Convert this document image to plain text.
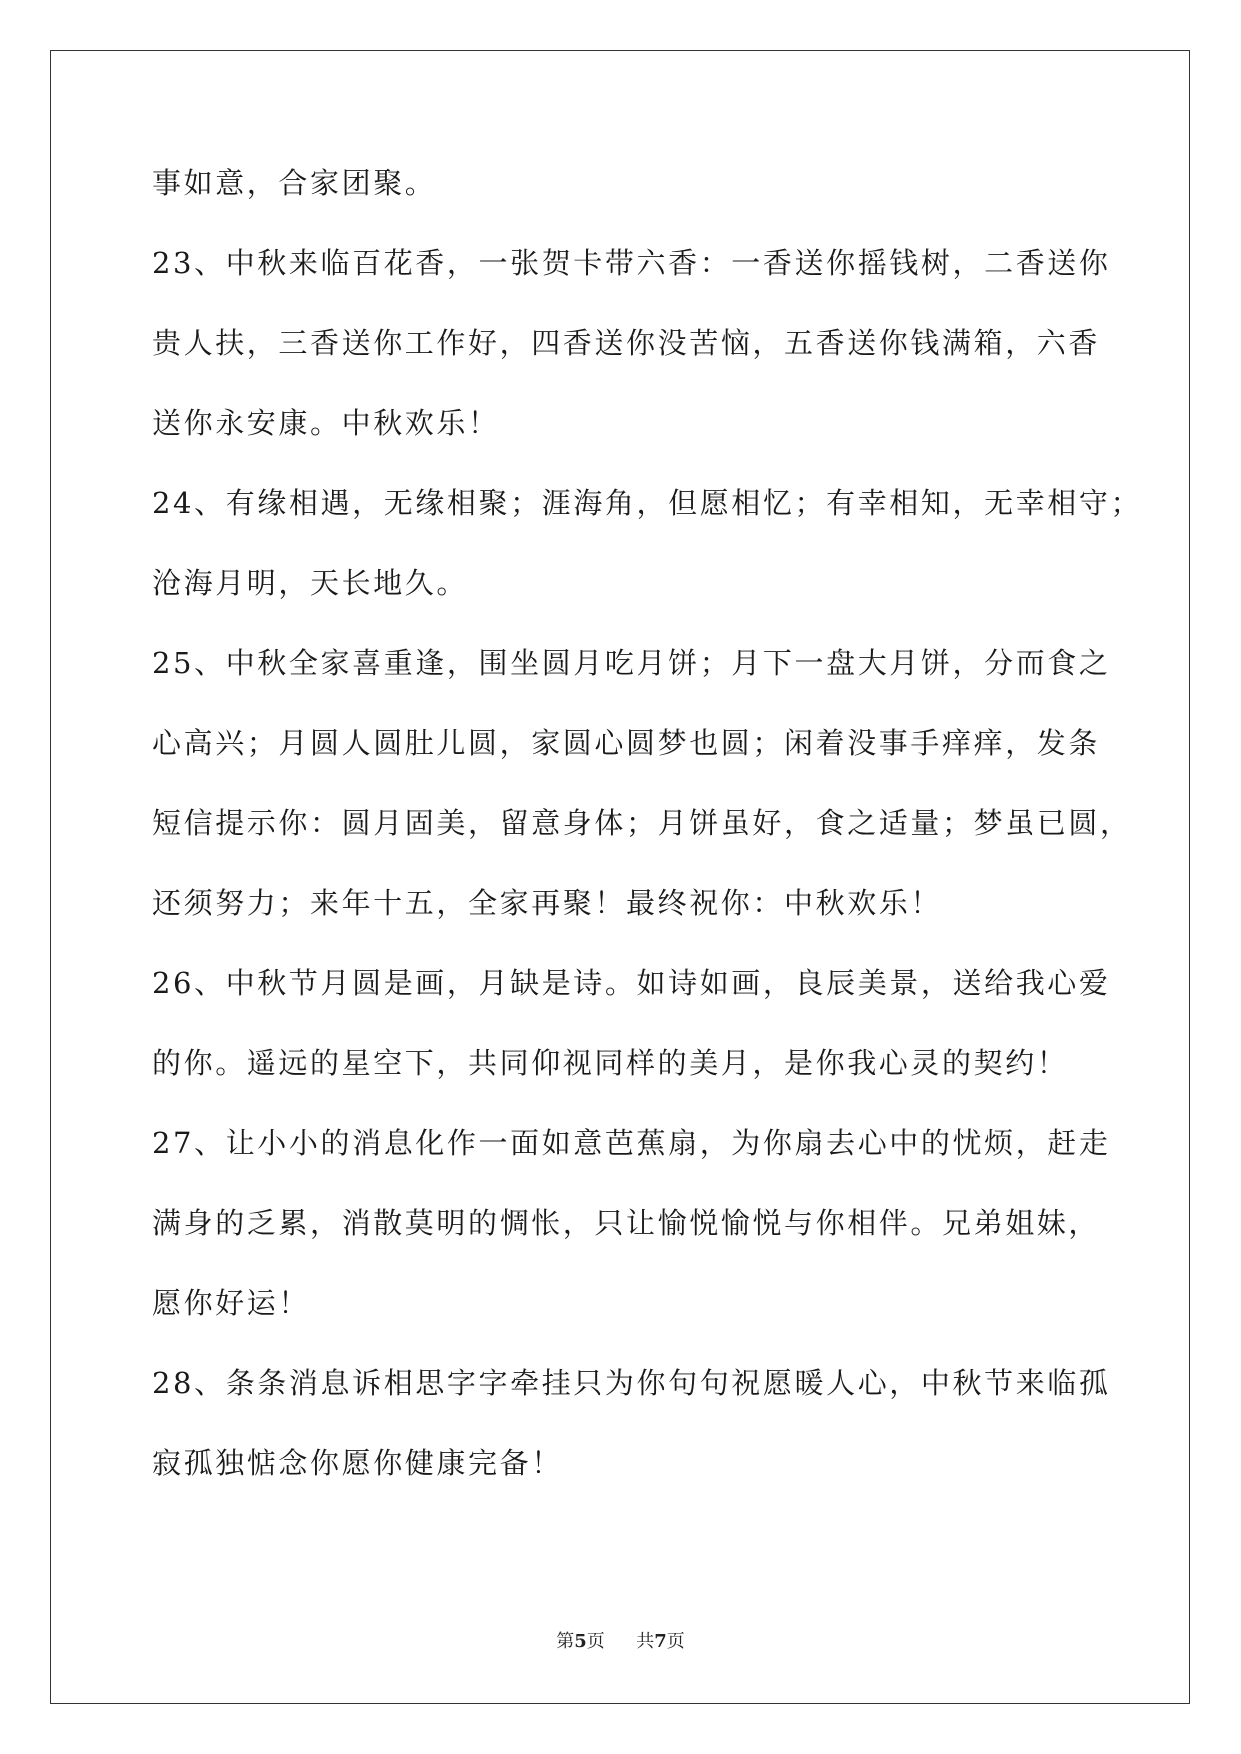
事如意，合家团聚。
23、中秋来临百花香，一张贺卡带六香：一香送你摇钱树，二香送你
贵人扶，三香送你工作好，四香送你没苦恼，五香送你钱满箱，六香
送你永安康。中秋欢乐！
24、有缘相遇，无缘相聚；涯海角，但愿相忆；有幸相知，无幸相守；
沧海月明，天长地久。
25、中秋全家喜重逢，围坐圆月吃月饼；月下一盘大月饼，分而食之
心高兴；月圆人圆肚儿圆，家圆心圆梦也圆；闲着没事手痒痒，发条
短信提示你：圆月固美，留意身体；月饼虽好，食之适量；梦虽已圆，
还须努力；来年十五，全家再聚！最终祝你：中秋欢乐！
26、中秋节月圆是画，月缺是诗。如诗如画，良辰美景，送给我心爱
的你。遥远的星空下，共同仰视同样的美月，是你我心灵的契约！
27、让小小的消息化作一面如意芭蕉扇，为你扇去心中的忧烦，赶走
满身的乏累，消散莫明的惆怅，只让愉悦愉悦与你相伴。兄弟姐妹，
愿你好运！
28、条条消息诉相思字字牵挂只为你句句祝愿暖人心，中秋节来临孤
寂孤独惦念你愿你健康完备！
第5页 共7页
